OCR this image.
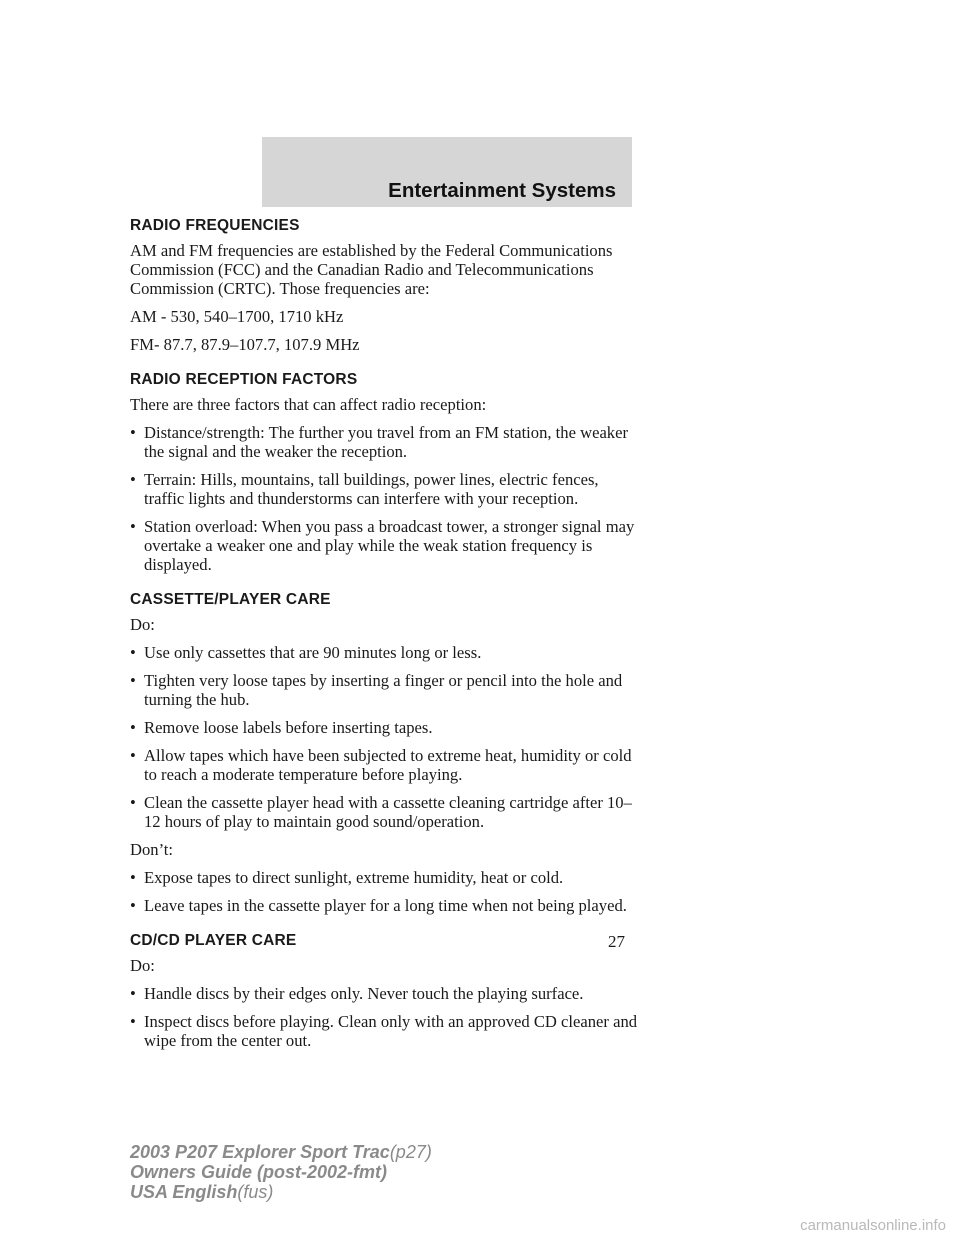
Entertainment Systems
RADIO FREQUENCIES

AM and FM frequencies are established by the Federal Communications Commission (FCC) and the Canadian Radio and Telecommunications Commission (CRTC). Those frequencies are:

AM - 530, 540–1700, 1710 kHz

FM- 87.7, 87.9–107.7, 107.9 MHz

RADIO RECEPTION FACTORS

There are three factors that can affect radio reception:

• Distance/strength: The further you travel from an FM station, the weaker the signal and the weaker the reception.
• Terrain: Hills, mountains, tall buildings, power lines, electric fences, traffic lights and thunderstorms can interfere with your reception.
• Station overload: When you pass a broadcast tower, a stronger signal may overtake a weaker one and play while the weak station frequency is displayed.
CASSETTE/PLAYER CARE

Do:

• Use only cassettes that are 90 minutes long or less.
• Tighten very loose tapes by inserting a finger or pencil into the hole and turning the hub.
• Remove loose labels before inserting tapes.
• Allow tapes which have been subjected to extreme heat, humidity or cold to reach a moderate temperature before playing.
• Clean the cassette player head with a cassette cleaning cartridge after 10–12 hours of play to maintain good sound/operation.

Don’t:

• Expose tapes to direct sunlight, extreme humidity, heat or cold.
• Leave tapes in the cassette player for a long time when not being played.
CD/CD PLAYER CARE

Do:

• Handle discs by their edges only. Never touch the playing surface.
• Inspect discs before playing. Clean only with an approved CD cleaner and wipe from the center out.
27
2003 P207 Explorer Sport Trac(p27)
Owners Guide (post-2002-fmt)
USA English(fus)
carmanualsonline.info
